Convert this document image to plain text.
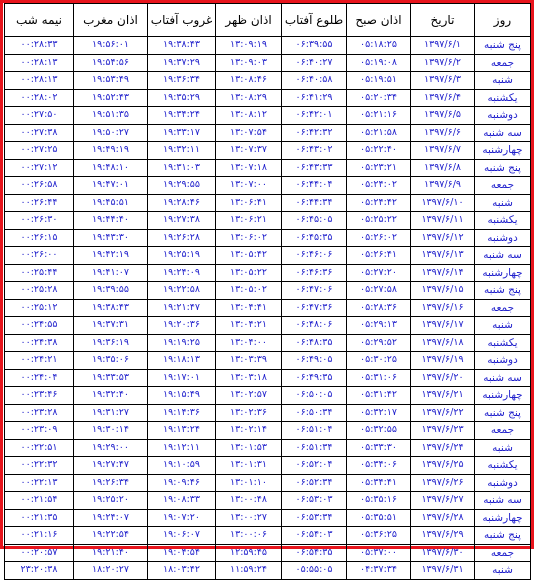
روز	تاریخ	اذان صبح	طلوع آفتاب	اذان ظهر	غروب آفتاب	اذان مغرب	نیمه شب
پنج شنبه	۱۳۹۷/۶/۱	۰۵:۱۸:۲۵	۰۶:۳۹:۵۵	۱۳:۰۹:۱۹	۱۹:۳۸:۴۳	۱۹:۵۶:۰۱	۰۰:۲۸:۳۳
جمعه	۱۳۹۷/۶/۲	۰۵:۱۹:۰۸	۰۶:۴۰:۲۷	۱۳:۰۹:۰۳	۱۹:۳۷:۲۹	۱۹:۵۴:۵۶	۰۰:۲۸:۱۳
شنبه	۱۳۹۷/۶/۳	۰۵:۱۹:۵۱	۰۶:۴۰:۵۸	۱۳:۰۸:۴۶	۱۹:۳۶:۳۴	۱۹:۵۳:۴۹	۰۰:۲۸:۱۳
یکشنبه	۱۳۹۷/۶/۴	۰۵:۲۰:۳۴	۰۶:۴۱:۲۹	۱۳:۰۸:۲۹	۱۹:۳۵:۲۹	۱۹:۵۲:۴۳	۰۰:۲۸:۰۲
دوشنبه	۱۳۹۷/۶/۵	۰۵:۲۱:۱۶	۰۶:۴۲:۰۱	۱۳:۰۸:۱۲	۱۹:۳۴:۲۴	۱۹:۵۱:۳۵	۰۰:۲۷:۵۰
سه شنبه	۱۳۹۷/۶/۶	۰۵:۲۱:۵۸	۰۶:۴۲:۳۲	۱۳:۰۷:۵۴	۱۹:۳۳:۱۷	۱۹:۵۰:۲۷	۰۰:۲۷:۳۸
چهارشنبه	۱۳۹۷/۶/۷	۰۵:۲۲:۴۰	۰۶:۴۳:۰۲	۱۳:۰۷:۳۷	۱۹:۳۲:۱۱	۱۹:۴۹:۱۹	۰۰:۲۷:۲۵
پنج شنبه	۱۳۹۷/۶/۸	۰۵:۲۳:۲۱	۰۶:۴۳:۳۳	۱۳:۰۷:۱۸	۱۹:۳۱:۰۳	۱۹:۴۸:۱۰	۰۰:۲۷:۱۲
جمعه	۱۳۹۷/۶/۹	۰۵:۲۴:۰۲	۰۶:۴۴:۰۴	۱۳:۰۷:۰۰	۱۹:۲۹:۵۵	۱۹:۴۷:۰۱	۰۰:۲۶:۵۸
شنبه	۱۳۹۷/۶/۱۰	۰۵:۲۴:۴۲	۰۶:۴۴:۳۴	۱۳:۰۶:۴۱	۱۹:۲۸:۴۶	۱۹:۴۵:۵۱	۰۰:۲۶:۴۴
یکشنبه	۱۳۹۷/۶/۱۱	۰۵:۲۵:۲۲	۰۶:۴۵:۰۵	۱۳:۰۶:۲۱	۱۹:۲۷:۳۸	۱۹:۴۴:۴۰	۰۰:۲۶:۳۰
دوشنبه	۱۳۹۷/۶/۱۲	۰۵:۲۶:۰۲	۰۶:۴۵:۳۵	۱۳:۰۶:۰۲	۱۹:۲۶:۲۸	۱۹:۴۳:۳۰	۰۰:۲۶:۱۵
سه شنبه	۱۳۹۷/۶/۱۳	۰۵:۲۶:۴۱	۰۶:۴۶:۰۶	۱۳:۰۵:۴۲	۱۹:۲۵:۱۹	۱۹:۴۲:۱۹	۰۰:۲۶:۰۰
چهارشنبه	۱۳۹۷/۶/۱۴	۰۵:۲۷:۲۰	۰۶:۴۶:۳۶	۱۳:۰۵:۲۲	۱۹:۲۴:۰۹	۱۹:۴۱:۰۷	۰۰:۲۵:۴۴
پنج شنبه	۱۳۹۷/۶/۱۵	۰۵:۲۷:۵۸	۰۶:۴۷:۰۶	۱۳:۰۵:۰۲	۱۹:۲۲:۵۸	۱۹:۳۹:۵۵	۰۰:۲۵:۲۸
جمعه	۱۳۹۷/۶/۱۶	۰۵:۲۸:۳۶	۰۶:۴۷:۳۶	۱۳:۰۴:۴۱	۱۹:۲۱:۴۷	۱۹:۳۸:۴۳	۰۰:۲۵:۱۲
شنبه	۱۳۹۷/۶/۱۷	۰۵:۲۹:۱۳	۰۶:۴۸:۰۶	۱۳:۰۴:۲۱	۱۹:۲۰:۳۶	۱۹:۳۷:۳۱	۰۰:۲۴:۵۵
یکشنبه	۱۳۹۷/۶/۱۸	۰۵:۲۹:۵۲	۰۶:۴۸:۳۵	۱۳:۰۴:۰۰	۱۹:۱۹:۲۵	۱۹:۳۶:۱۹	۰۰:۲۴:۳۸
دوشنبه	۱۳۹۷/۶/۱۹	۰۵:۳۰:۲۵	۰۶:۴۹:۰۵	۱۳:۰۳:۳۹	۱۹:۱۸:۱۳	۱۹:۳۵:۰۶	۰۰:۲۴:۲۱
سه شنبه	۱۳۹۷/۶/۲۰	۰۵:۳۱:۰۶	۰۶:۴۹:۳۵	۱۳:۰۳:۱۸	۱۹:۱۷:۰۱	۱۹:۳۳:۵۳	۰۰:۲۴:۰۴
چهارشنبه	۱۳۹۷/۶/۲۱	۰۵:۳۱:۴۲	۰۶:۵۰:۰۵	۱۳:۰۲:۵۷	۱۹:۱۵:۴۹	۱۹:۳۲:۴۰	۰۰:۲۳:۴۶
پنج شنبه	۱۳۹۷/۶/۲۲	۰۵:۳۲:۱۷	۰۶:۵۰:۳۴	۱۳:۰۲:۳۶	۱۹:۱۴:۳۶	۱۹:۳۱:۲۷	۰۰:۲۳:۲۸
جمعه	۱۳۹۷/۶/۲۳	۰۵:۳۲:۵۵	۰۶:۵۱:۰۴	۱۳:۰۲:۱۴	۱۹:۱۳:۲۴	۱۹:۳۰:۱۴	۰۰:۲۳:۰۹
شنبه	۱۳۹۷/۶/۲۴	۰۵:۳۳:۳۰	۰۶:۵۱:۳۴	۱۳:۰۱:۵۳	۱۹:۱۲:۱۱	۱۹:۲۹:۰۰	۰۰:۲۲:۵۱
یکشنبه	۱۳۹۷/۶/۲۵	۰۵:۳۴:۰۶	۰۶:۵۲:۰۴	۱۳:۰۱:۳۱	۱۹:۱۰:۵۹	۱۹:۲۷:۴۷	۰۰:۲۲:۳۲
دوشنبه	۱۳۹۷/۶/۲۶	۰۵:۳۴:۴۱	۰۶:۵۲:۳۴	۱۳:۰۱:۱۰	۱۹:۰۹:۴۶	۱۹:۲۶:۳۴	۰۰:۲۲:۱۳
سه شنبه	۱۳۹۷/۶/۲۷	۰۵:۳۵:۱۶	۰۶:۵۳:۰۳	۱۳:۰۰:۴۸	۱۹:۰۸:۳۳	۱۹:۲۵:۲۰	۰۰:۲۱:۵۴
چهارشنبه	۱۳۹۷/۶/۲۸	۰۵:۳۵:۵۱	۰۶:۵۳:۳۴	۱۳:۰۰:۲۷	۱۹:۰۷:۲۰	۱۹:۲۴:۰۷	۰۰:۲۱:۳۵
پنج شنبه	۱۳۹۷/۶/۲۹	۰۵:۳۶:۲۵	۰۶:۵۴:۰۳	۱۳:۰۰:۰۶	۱۹:۰۶:۰۷	۱۹:۲۲:۵۴	۰۰:۲۱:۱۶
جمعه	۱۳۹۷/۶/۳۰	۰۵:۳۷:۰۰	۰۶:۵۴:۳۵	۱۲:۵۹:۴۵	۱۹:۰۴:۵۴	۱۹:۲۱:۴۰	۰۰:۲۰:۵۷
شنبه	۱۳۹۷/۶/۳۱	۰۴:۳۷:۳۴	۰۵:۵۵:۰۵	۱۱:۵۹:۲۴	۱۸:۰۳:۴۲	۱۸:۲۰:۲۷	۲۳:۲۰:۳۸
